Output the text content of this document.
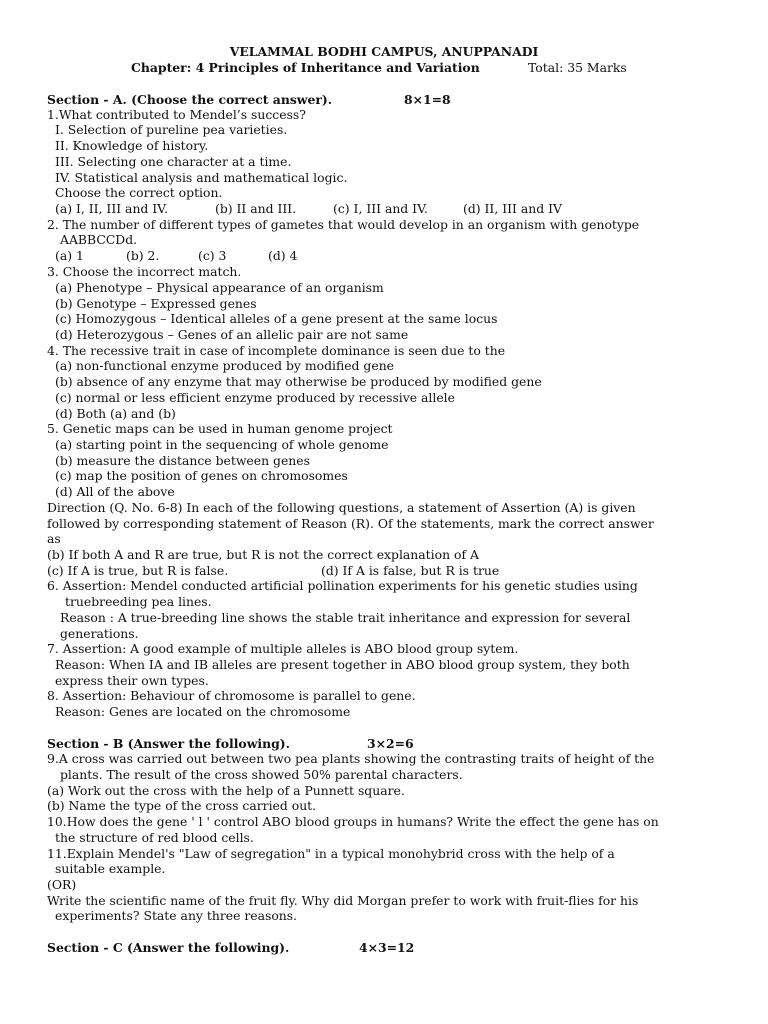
VELAMMAL BODHI CAMPUS, ANUPPANADI
Chapter: 4 Principles of Inheritance and Variation	Total: 35 Marks
Section - A. (Choose the correct answer).	8×1=8
1.What contributed to Mendel’s success?
I. Selection of pureline pea varieties.
II. Knowledge of history.
III. Selecting one character at a time.
IV. Statistical analysis and mathematical logic.
Choose the correct option.
(a) I, II, III and IV.	(b) II and III.	(c) I, III and IV.	(d) II, III and IV
2. The number of different types of gametes that would develop in an organism with genotype
AABBCCDd.
(a) 1	(b) 2.	(c) 3	(d) 4
3. Choose the incorrect match.
(a) Phenotype – Physical appearance of an organism
(b) Genotype – Expressed genes
(c) Homozygous – Identical alleles of a gene present at the same locus
(d) Heterozygous – Genes of an allelic pair are not same
4. The recessive trait in case of incomplete dominance is seen due to the
(a) non-functional enzyme produced by modified gene
(b) absence of any enzyme that may otherwise be produced by modified gene
(c) normal or less efficient enzyme produced by recessive allele
(d) Both (a) and (b)
5. Genetic maps can be used in human genome project
(a) starting point in the sequencing of whole genome
(b) measure the distance between genes
(c) map the position of genes on chromosomes
(d) All of the above
Direction (Q. No. 6-8) In each of the following questions, a statement of Assertion (A) is given
followed by corresponding statement of Reason (R). Of the statements, mark the correct answer
as
(b) If both A and R are true, but R is not the correct explanation of A
(c) If A is true, but R is false.	(d) If A is false, but R is true
6. Assertion: Mendel conducted artificial pollination experiments for his genetic studies using
truebreeding pea lines.
Reason : A true-breeding line shows the stable trait inheritance and expression for several
generations.
7. Assertion: A good example of multiple alleles is ABO blood group sytem.
Reason: When IA and IB alleles are present together in ABO blood group system, they both
express their own types.
8. Assertion: Behaviour of chromosome is parallel to gene.
Reason: Genes are located on the chromosome
Section - B (Answer the following).	3×2=6
9.A cross was carried out between two pea plants showing the contrasting traits of height of the
plants. The result of the cross showed 50% parental characters.
(a) Work out the cross with the help of a Punnett square.
(b) Name the type of the cross carried out.
10.How does the gene ' l ' control ABO blood groups in humans? Write the effect the gene has on
the structure of red blood cells.
11.Explain Mendel's "Law of segregation" in a typical monohybrid cross with the help of a
suitable example.
(OR)
Write the scientific name of the fruit fly. Why did Morgan prefer to work with fruit-flies for his
experiments? State any three reasons.
Section - C (Answer the following).	4×3=12
